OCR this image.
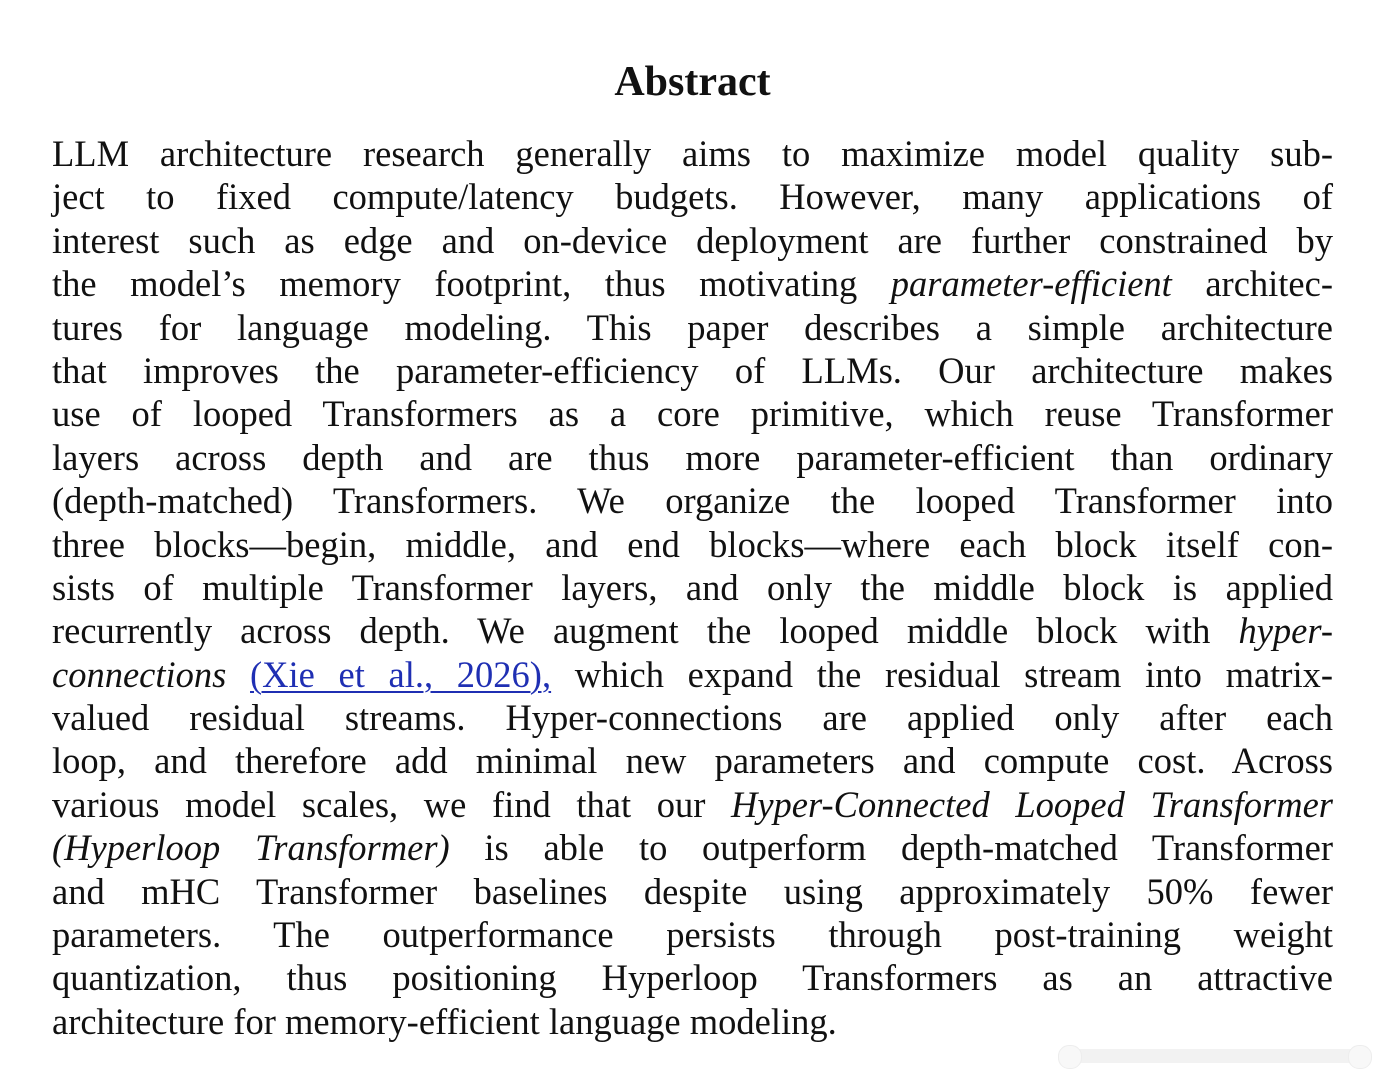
Abstract
LLM architecture research generally aims to maximize model quality sub-
ject to fixed compute/latency budgets. However, many applications of
interest such as edge and on-device deployment are further constrained by
the model’s memory footprint, thus motivating parameter-efficient architec-
tures for language modeling. This paper describes a simple architecture
that improves the parameter-efficiency of LLMs. Our architecture makes
use of looped Transformers as a core primitive, which reuse Transformer
layers across depth and are thus more parameter-efficient than ordinary
(depth-matched) Transformers. We organize the looped Transformer into
three blocks—begin, middle, and end blocks—where each block itself con-
sists of multiple Transformer layers, and only the middle block is applied
recurrently across depth. We augment the looped middle block with hyper-
connections (Xie et al., 2026), which expand the residual stream into matrix-
valued residual streams. Hyper-connections are applied only after each
loop, and therefore add minimal new parameters and compute cost. Across
various model scales, we find that our Hyper-Connected Looped Transformer
(Hyperloop Transformer) is able to outperform depth-matched Transformer
and mHC Transformer baselines despite using approximately 50% fewer
parameters. The outperformance persists through post-training weight
quantization, thus positioning Hyperloop Transformers as an attractive
architecture for memory-efficient language modeling.
